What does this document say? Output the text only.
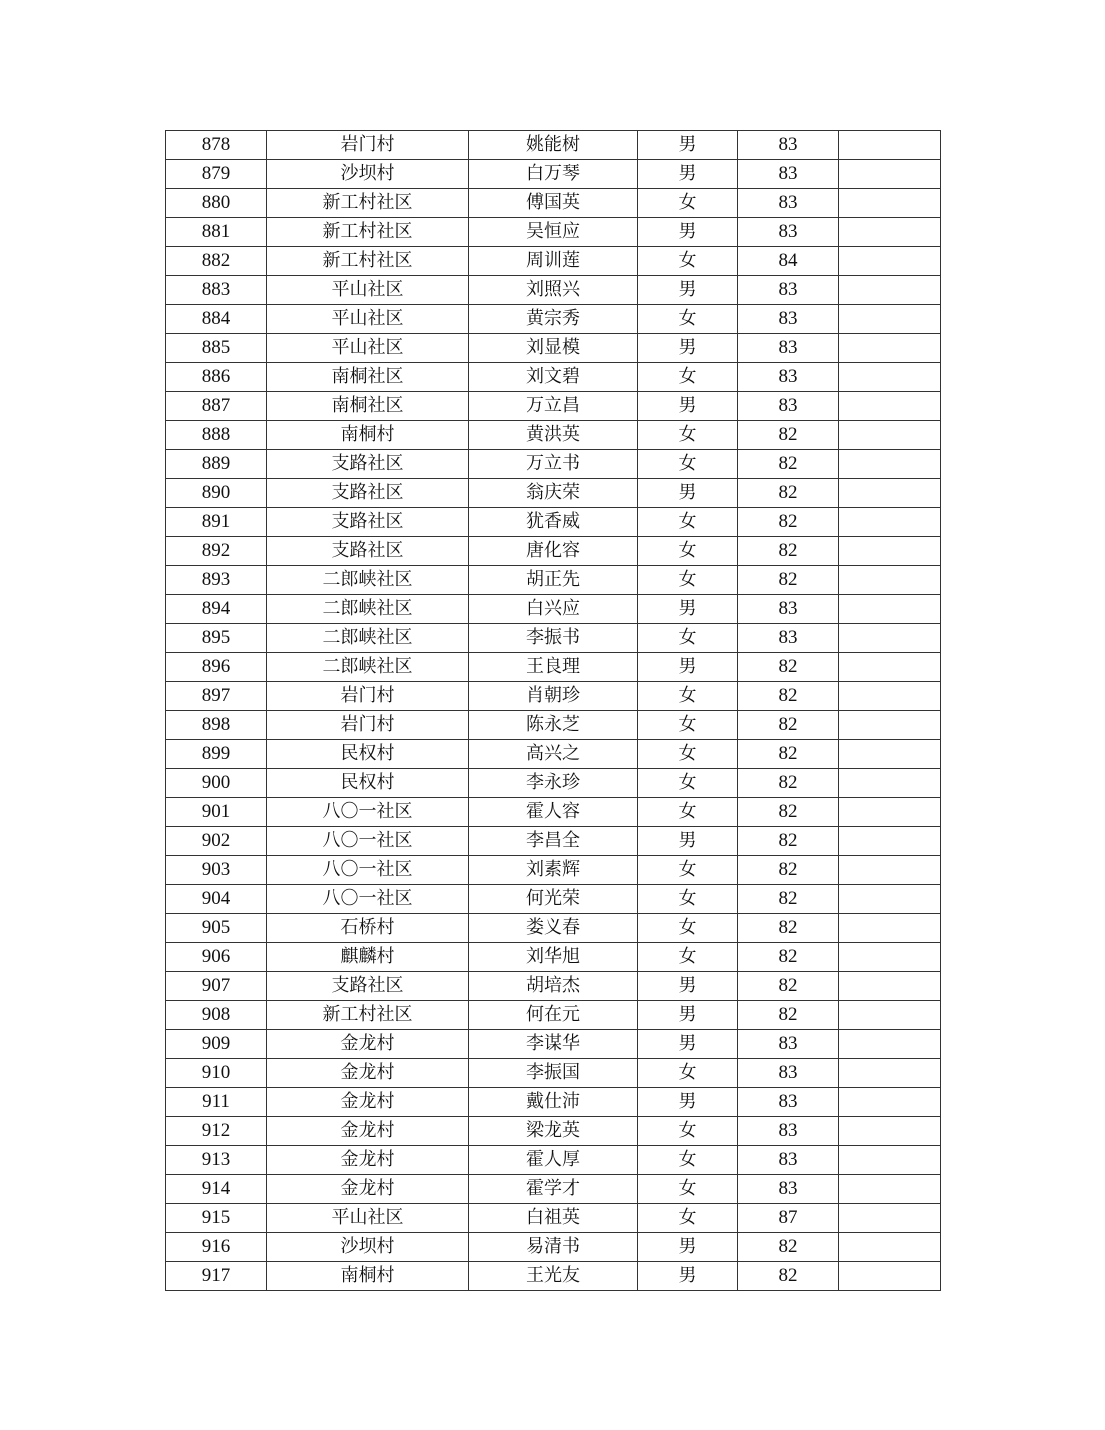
878	岩门村	姚能树	男	83	
879	沙坝村	白万琴	男	83	
880	新工村社区	傅国英	女	83	
881	新工村社区	吴恒应	男	83	
882	新工村社区	周训莲	女	84	
883	平山社区	刘照兴	男	83	
884	平山社区	黄宗秀	女	83	
885	平山社区	刘显模	男	83	
886	南桐社区	刘文碧	女	83	
887	南桐社区	万立昌	男	83	
888	南桐村	黄洪英	女	82	
889	支路社区	万立书	女	82	
890	支路社区	翁庆荣	男	82	
891	支路社区	犹香威	女	82	
892	支路社区	唐化容	女	82	
893	二郎峡社区	胡正先	女	82	
894	二郎峡社区	白兴应	男	83	
895	二郎峡社区	李振书	女	83	
896	二郎峡社区	王良理	男	82	
897	岩门村	肖朝珍	女	82	
898	岩门村	陈永芝	女	82	
899	民权村	高兴之	女	82	
900	民权村	李永珍	女	82	
901	八〇一社区	霍人容	女	82	
902	八〇一社区	李昌全	男	82	
903	八〇一社区	刘素辉	女	82	
904	八〇一社区	何光荣	女	82	
905	石桥村	娄义春	女	82	
906	麒麟村	刘华旭	女	82	
907	支路社区	胡培杰	男	82	
908	新工村社区	何在元	男	82	
909	金龙村	李谋华	男	83	
910	金龙村	李振国	女	83	
911	金龙村	戴仕沛	男	83	
912	金龙村	梁龙英	女	83	
913	金龙村	霍人厚	女	83	
914	金龙村	霍学才	女	83	
915	平山社区	白祖英	女	87	
916	沙坝村	易清书	男	82	
917	南桐村	王光友	男	82	
